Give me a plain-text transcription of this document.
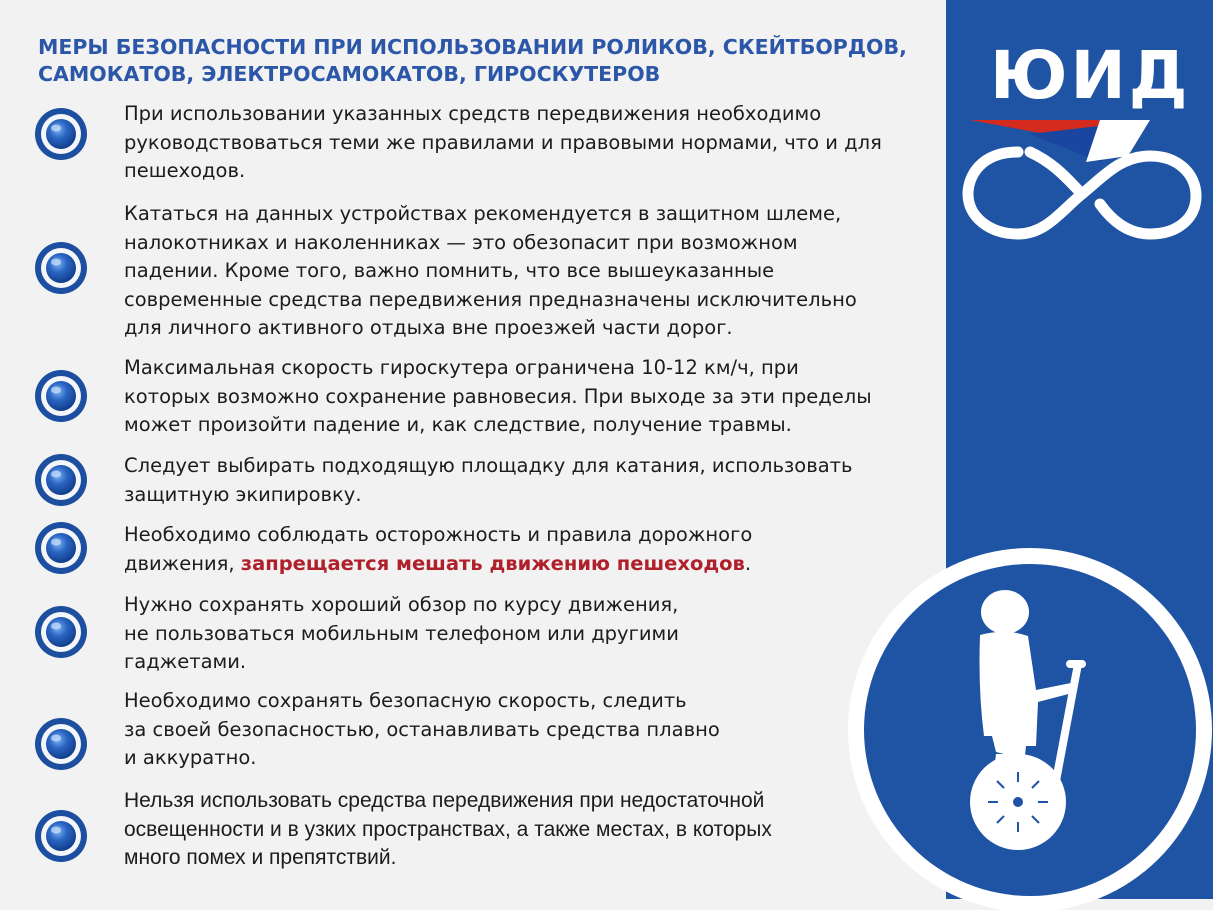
МЕРЫ БЕЗОПАСНОСТИ ПРИ ИСПОЛЬЗОВАНИИ РОЛИКОВ, СКЕЙТБОРДОВ,
САМОКАТОВ, ЭЛЕКТРОСАМОКАТОВ, ГИРОСКУТЕРОВ
При использовании указанных средств передвижения необходимо
руководствоваться теми же правилами и правовыми нормами, что и для
пешеходов.
Кататься на данных устройствах рекомендуется в защитном шлеме,
налокотниках и наколенниках — это обезопасит при возможном
падении. Кроме того, важно помнить, что все вышеуказанные
современные средства передвижения предназначены исключительно
для личного активного отдыха вне проезжей части дорог.
Максимальная скорость гироскутера ограничена 10-12 км/ч, при
которых возможно сохранение равновесия. При выходе за эти пределы
может произойти падение и, как следствие, получение травмы.
Следует выбирать подходящую площадку для катания, использовать
защитную экипировку.
Необходимо соблюдать осторожность и правила дорожного
движения, запрещается мешать движению пешеходов.
Нужно сохранять хороший обзор по курсу движения,
не пользоваться мобильным телефоном или другими
гаджетами.
Необходимо сохранять безопасную скорость, следить
за своей безопасностью, останавливать средства плавно
и аккуратно.
Нельзя использовать средства передвижения при недостаточной
освещенности и в узких пространствах, а также местах, в которых
много помех и препятствий.
ЮИД
